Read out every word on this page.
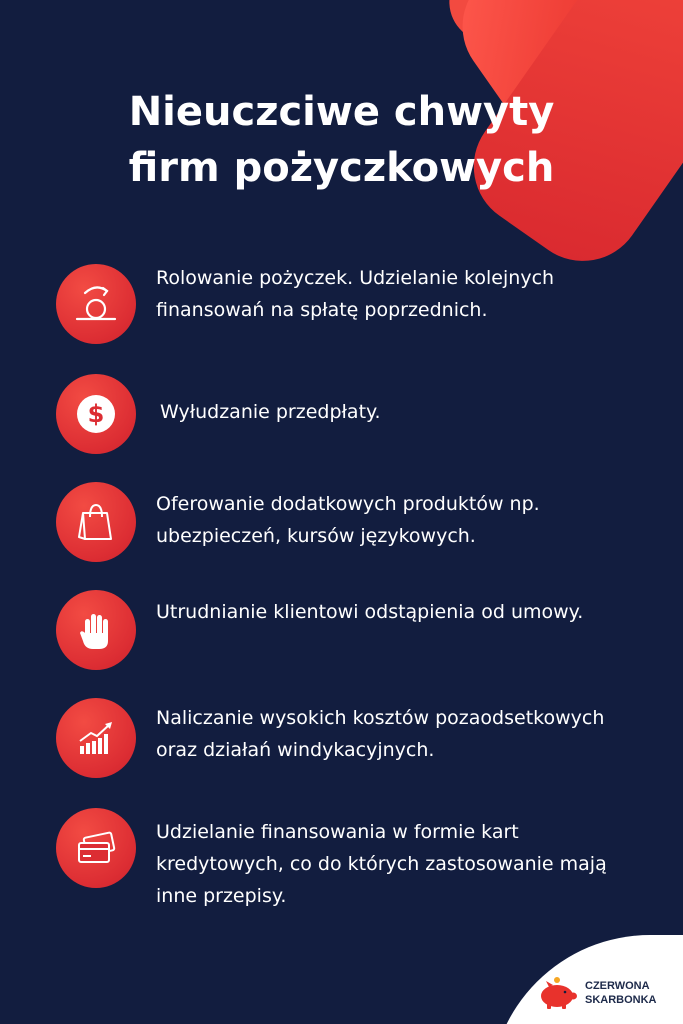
Nieuczciwe chwyty
firm pożyczkowych

Rolowanie pożyczek. Udzielanie kolejnych finansowań na spłatę poprzednich.

$	Wyłudzanie przedpłaty.

Oferowanie dodatkowych produktów np. ubezpieczeń, kursów językowych.

Utrudnianie klientowi odstąpienia od umowy.

Naliczanie wysokich kosztów pozaodsetkowych oraz działań windykacyjnych.

Udzielanie finansowania w formie kart kredytowych, co do których zastosowanie mają inne przepisy.

CZERWONA
SKARBONKA
